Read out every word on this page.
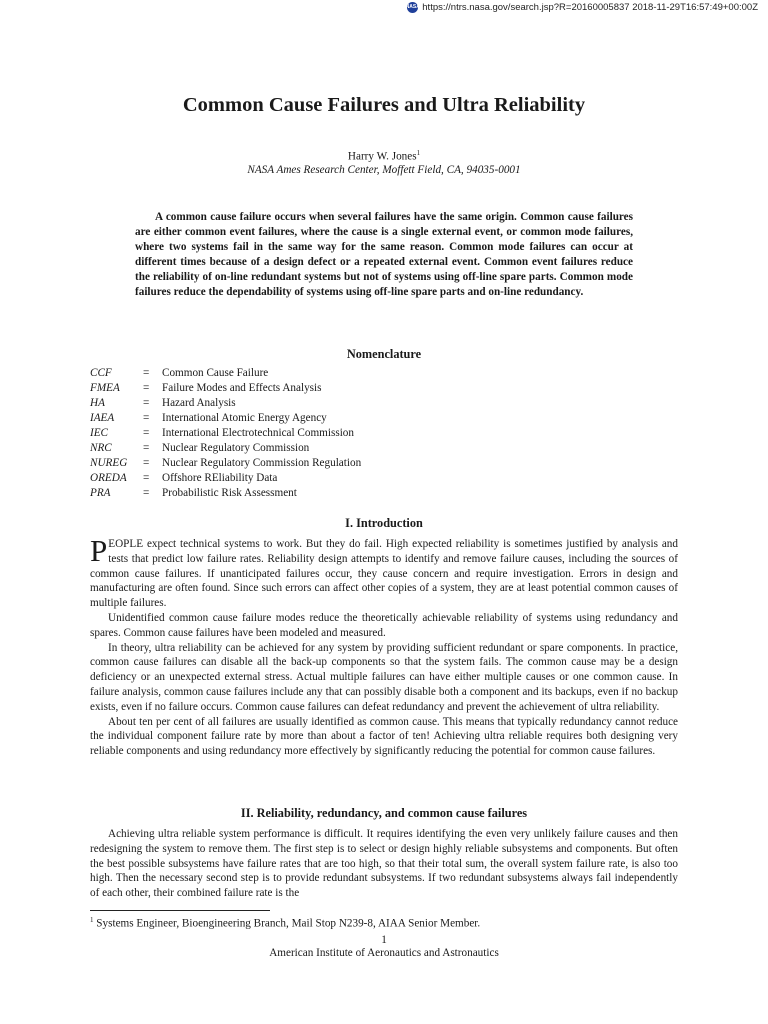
NASA https://ntrs.nasa.gov/search.jsp?R=20160005837 2018-11-29T16:57:49+00:00Z
Common Cause Failures and Ultra Reliability
Harry W. Jones$^1$
NASA Ames Research Center, Moffett Field, CA, 94035-0001

A common cause failure occurs when several failures have the same origin. Common cause failures are either common event failures, where the cause is a single external event, or common mode failures, where two systems fail in the same way for the same reason. Common mode failures can occur at different times because of a design defect or a repeated external event. Common event failures reduce the reliability of on-line redundant systems but not of systems using off-line spare parts. Common mode failures reduce the dependability of systems using off-line spare parts and on-line redundancy.

Nomenclature
CCF	=	Common Cause Failure
FMEA	=	Failure Modes and Effects Analysis
HA	=	Hazard Analysis
IAEA	=	International Atomic Energy Agency
IEC	=	International Electrotechnical Commission
NRC	=	Nuclear Regulatory Commission
NUREG	=	Nuclear Regulatory Commission Regulation
OREDA	=	Offshore REliability Data
PRA	=	Probabilistic Risk Assessment
I. Introduction

PEOPLE expect technical systems to work. But they do fail. High expected reliability is sometimes justified by analysis and tests that predict low failure rates. Reliability design attempts to identify and remove failure causes, including the sources of common cause failures. If unanticipated failures occur, they cause concern and require investigation. Errors in design and manufacturing are often found. Since such errors can affect other copies of a system, they are at least potential common causes of multiple failures.

Unidentified common cause failure modes reduce the theoretically achievable reliability of systems using redundancy and spares. Common cause failures have been modeled and measured.

In theory, ultra reliability can be achieved for any system by providing sufficient redundant or spare components. In practice, common cause failures can disable all the back-up components so that the system fails. The common cause may be a design deficiency or an unexpected external stress. Actual multiple failures can have either multiple causes or one common cause. In failure analysis, common cause failures include any that can possibly disable both a component and its backups, even if no backup exists, even if no failure occurs. Common cause failures can defeat redundancy and prevent the achievement of ultra reliability.

About ten per cent of all failures are usually identified as common cause. This means that typically redundancy cannot reduce the individual component failure rate by more than about a factor of ten! Achieving ultra reliable requires both designing very reliable components and using redundancy more effectively by significantly reducing the potential for common cause failures.

II. Reliability, redundancy, and common cause failures

Achieving ultra reliable system performance is difficult. It requires identifying the even very unlikely failure causes and then redesigning the system to remove them. The first step is to select or design highly reliable subsystems and components. But often the best possible subsystems have failure rates that are too high, so that their total sum, the overall system failure rate, is also too high. Then the necessary second step is to provide redundant subsystems. If two redundant subsystems always fail independently of each other, their combined failure rate is the

$^1$ Systems Engineer, Bioengineering Branch, Mail Stop N239-8, AIAA Senior Member.
1
American Institute of Aeronautics and Astronautics
